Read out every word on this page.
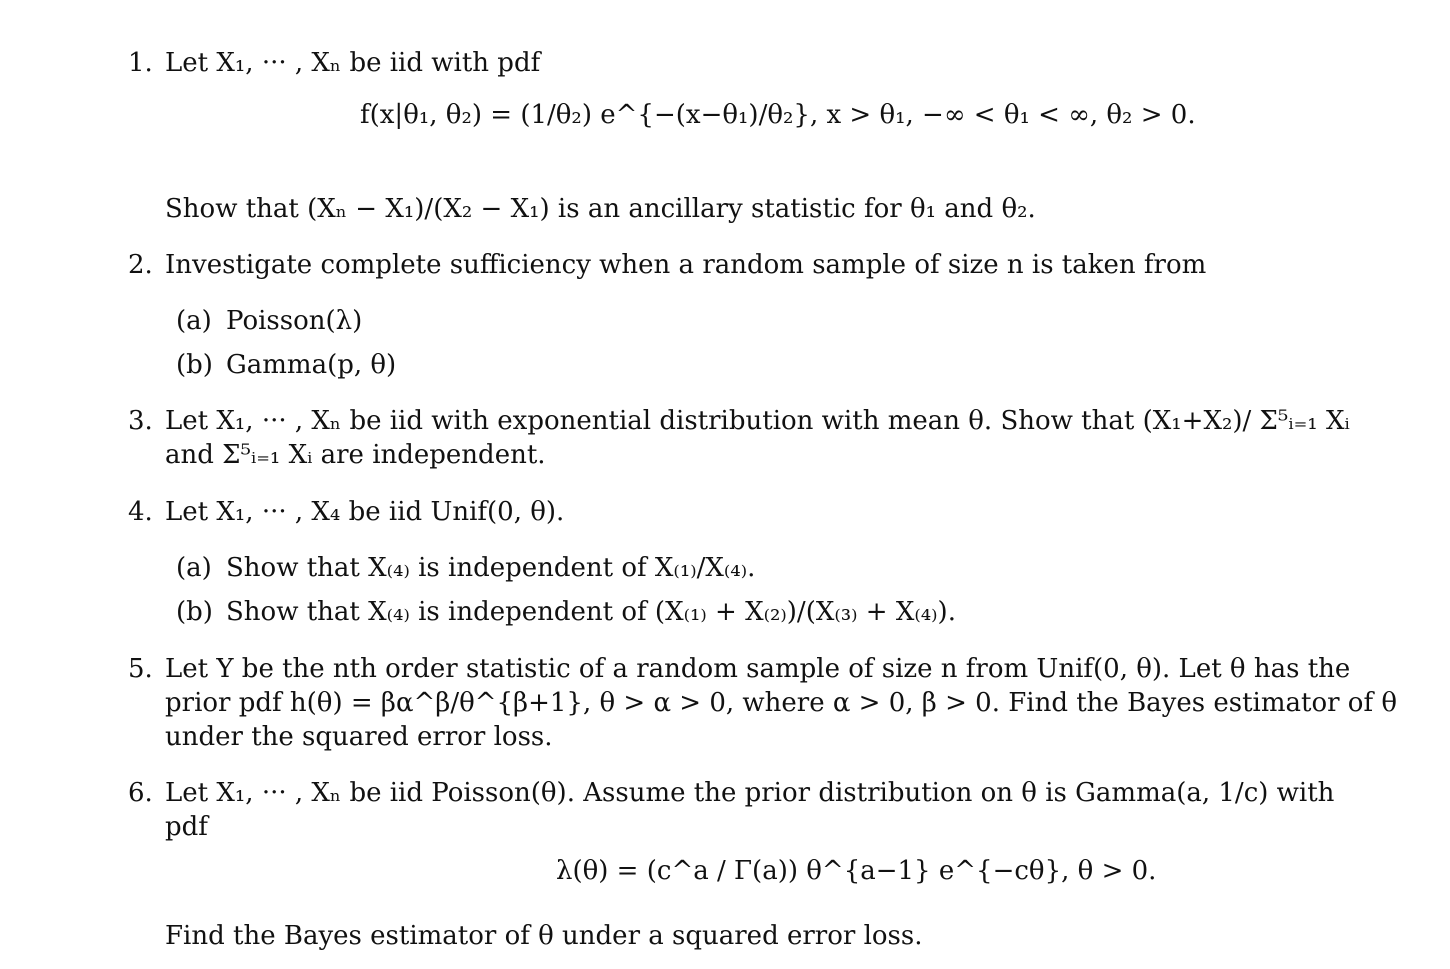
1. Let X₁, ··· , Xₙ be iid with pdf
f(x|θ₁, θ₂) = (1/θ₂) e^{−(x−θ₁)/θ₂}, x > θ₁, −∞ < θ₁ < ∞, θ₂ > 0.
Show that (Xₙ − X₁)/(X₂ − X₁) is an ancillary statistic for θ₁ and θ₂.
2. Investigate complete sufficiency when a random sample of size n is taken from
(a) Poisson(λ)
(b) Gamma(p, θ)
3. Let X₁, ··· , Xₙ be iid with exponential distribution with mean θ. Show that (X₁+X₂)/ Σ⁵ᵢ₌₁ Xᵢ
and Σ⁵ᵢ₌₁ Xᵢ are independent.
4. Let X₁, ··· , X₄ be iid Unif(0, θ).
(a) Show that X₍₄₎ is independent of X₍₁₎/X₍₄₎.
(b) Show that X₍₄₎ is independent of (X₍₁₎ + X₍₂₎)/(X₍₃₎ + X₍₄₎).
5. Let Y be the nth order statistic of a random sample of size n from Unif(0, θ). Let θ has the
prior pdf h(θ) = βα^β/θ^{β+1}, θ > α > 0, where α > 0, β > 0. Find the Bayes estimator of θ
under the squared error loss.
6. Let X₁, ··· , Xₙ be iid Poisson(θ). Assume the prior distribution on θ is Gamma(a, 1/c) with
pdf
λ(θ) = (c^a / Γ(a)) θ^{a−1} e^{−cθ}, θ > 0.
Find the Bayes estimator of θ under a squared error loss.
